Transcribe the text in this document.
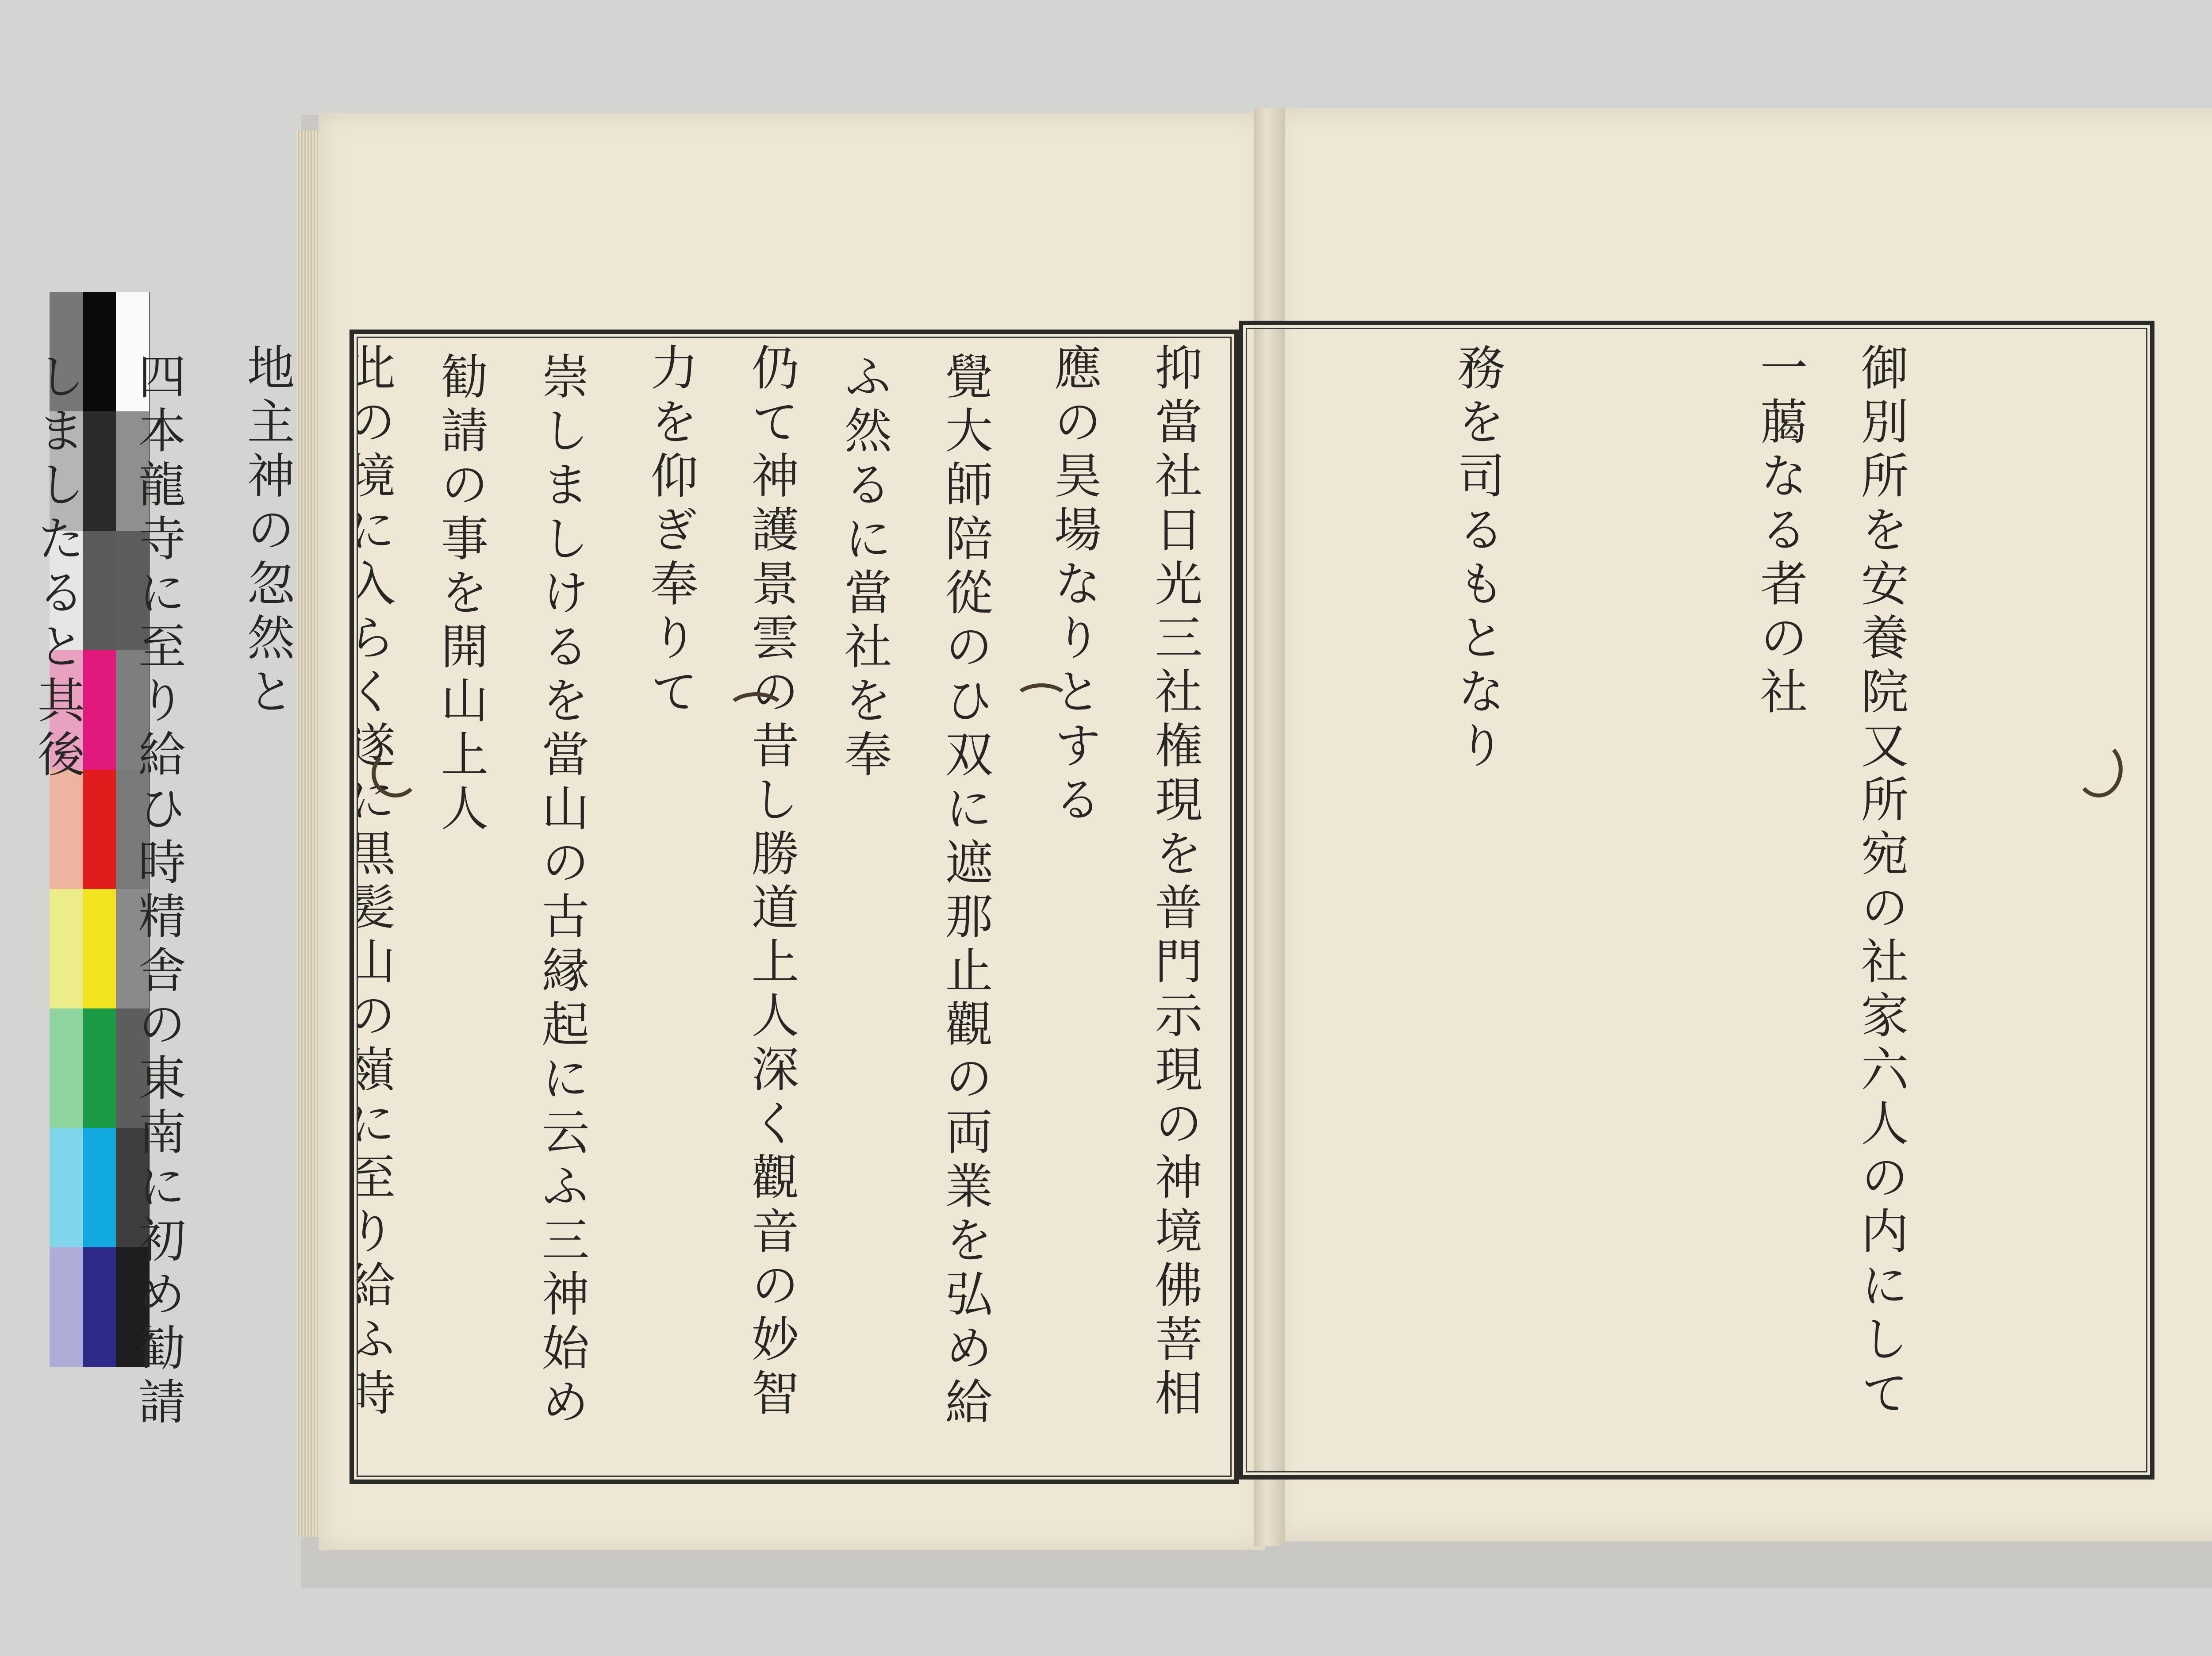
御別所を安養院又所宛の社家六人の内にして一﨟なる者の社

務を司るもとなり

抑當社日光三社権現を普門示現の神境佛菩相應の昊場なりとする

仍て神護景雲の昔し勝道上人深く觀音の妙智力を仰ぎ奉りて

此の境に入らく遂に黒髪山の嶺に至り給ふ時地主神の忽然と

	覺大師陪從のひ双に遮那止觀の両業を弘め給ふ然るに當社を奉

崇しましけるを當山の古縁起に云ふ三神始め勧請の事を開山上人

四本龍寺に至り給ひ時精舎の東南に初め勧請しましたると其後
